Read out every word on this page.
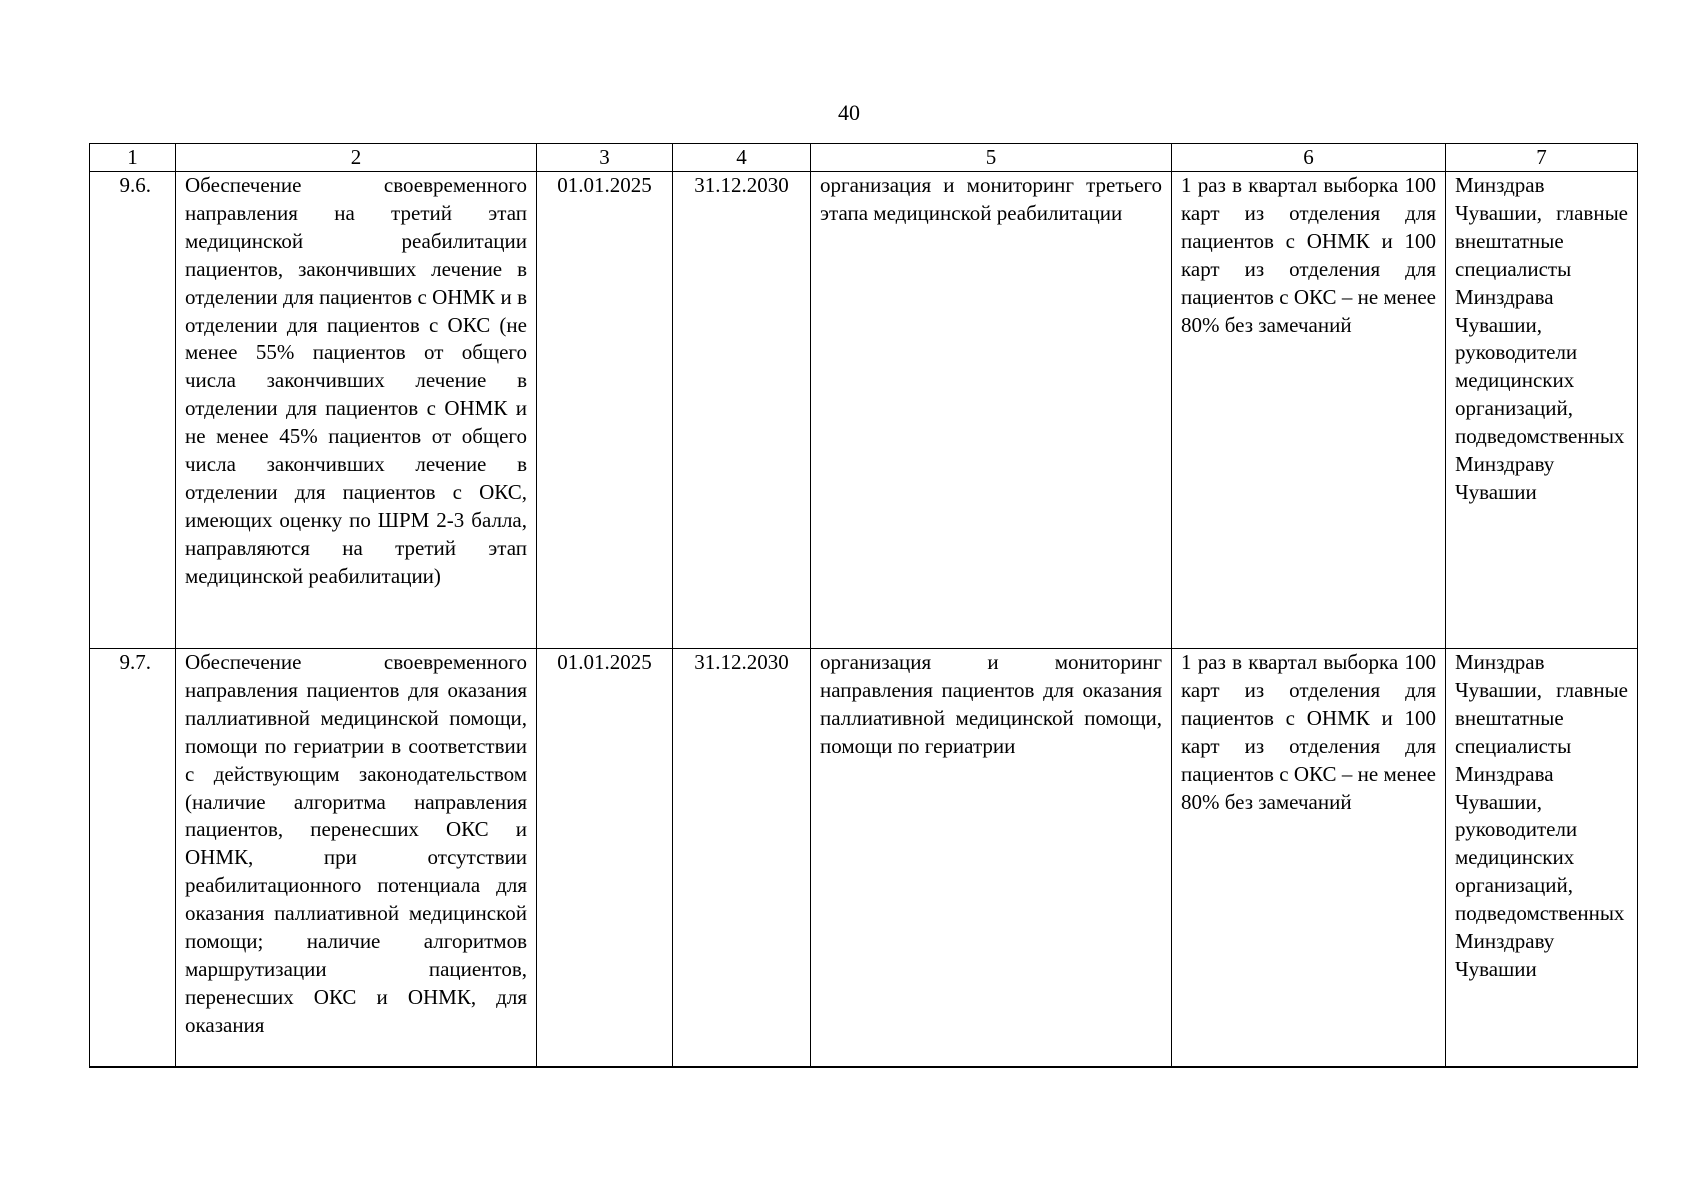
40
1	2	3	4	5	6	7
9.6.	Обеспечение своевременного направления на третий этап медицинской реабилитации пациентов, закончивших лечение в отделении для пациентов с ОНМК и в отделении для пациентов с ОКС (не менее 55% пациентов от общего числа закончивших лечение в отделении для пациентов с ОНМК и не менее 45% пациентов от общего числа закончивших лечение в отделении для пациентов с ОКС, имеющих оценку по ШРМ 2-3 балла, направляются на третий этап медицинской реабилитации)	01.01.2025	31.12.2030	организация и мониторинг третьего этапа медицинской реабилитации	1 раз в квартал выборка 100 карт из отделения для пациентов с ОНМК и 100 карт из отделения для пациентов с ОКС – не менее 80% без замечаний	Минздрав Чувашии, главные внештатные специалисты Минздрава Чувашии, руководители медицинских организаций, подведомственных Минздраву Чувашии

9.7.	Обеспечение своевременного направления пациентов для оказания паллиативной медицинской помощи, помощи по гериатрии в соответствии с действующим законодательством (наличие алгоритма направления пациентов, перенесших ОКС и ОНМК, при отсутствии реабилитационного потенциала для оказания паллиативной медицинской помощи; наличие алгоритмов маршрутизации пациентов, перенесших ОКС и ОНМК, для оказания	01.01.2025	31.12.2030	организация и мониторинг направления пациентов для оказания паллиативной медицинской помощи, помощи по гериатрии	1 раз в квартал выборка 100 карт из отделения для пациентов с ОНМК и 100 карт из отделения для пациентов с ОКС – не менее 80% без замечаний	Минздрав Чувашии, главные внештатные специалисты Минздрава Чувашии, руководители медицинских организаций, подведомственных Минздраву Чувашии
